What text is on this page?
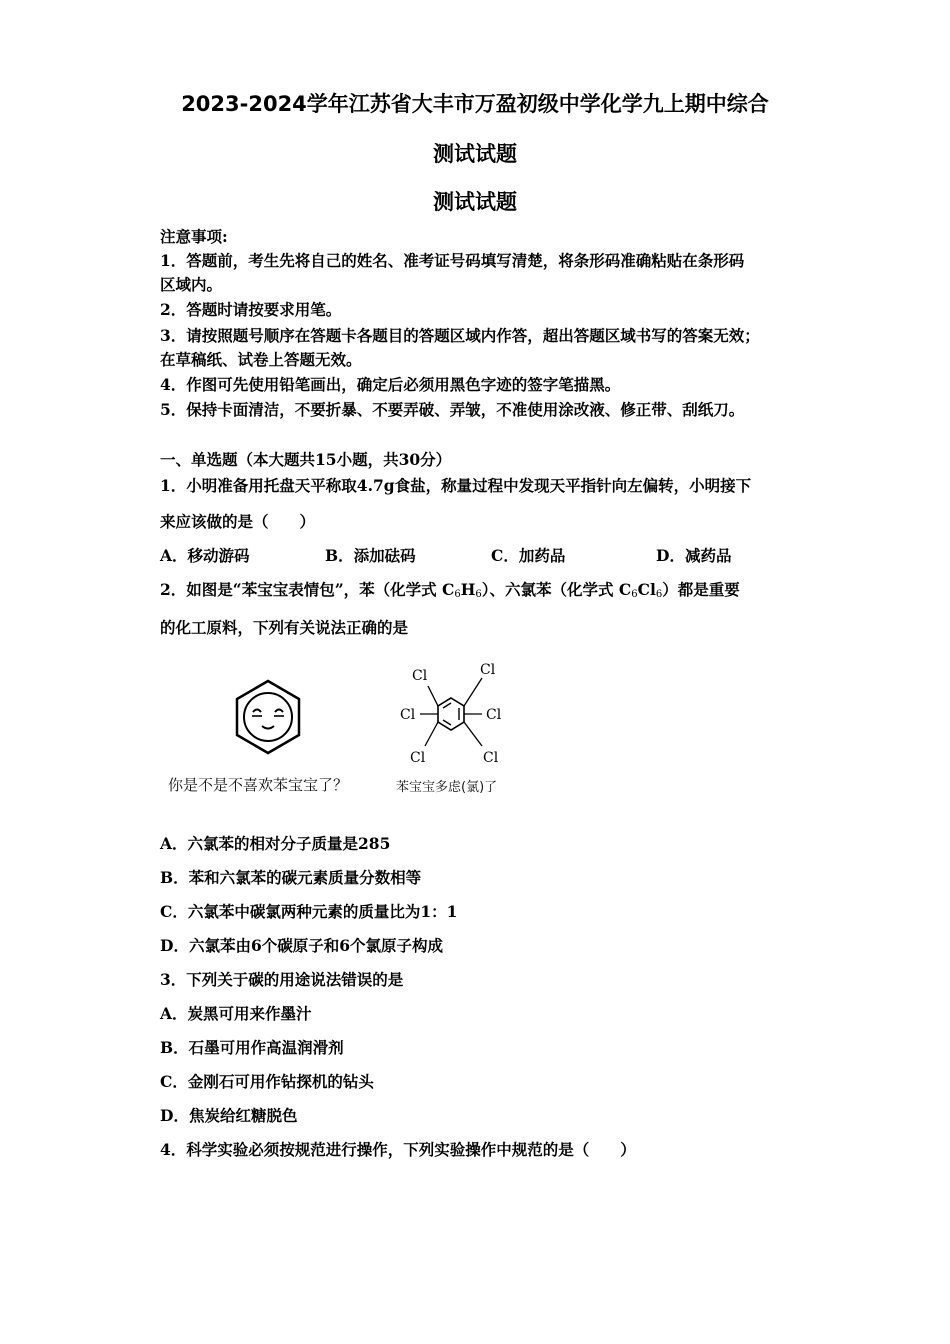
2023-2024学年江苏省大丰市万盈初级中学化学九上期中综合
测试试题
测试试题
注意事项:
1．答题前，考生先将自己的姓名、准考证号码填写清楚，将条形码准确粘贴在条形码
区域内。
2．答题时请按要求用笔。
3．请按照题号顺序在答题卡各题目的答题区域内作答，超出答题区域书写的答案无效；
在草稿纸、试卷上答题无效。
4．作图可先使用铅笔画出，确定后必须用黑色字迹的签字笔描黑。
5．保持卡面清洁，不要折暴、不要弄破、弄皱，不准使用涂改液、修正带、刮纸刀。
一、单选题（本大题共15小题，共30分）
1．小明准备用托盘天平称取4.7g食盐，称量过程中发现天平指针向左偏转，小明接下
来应该做的是（　　）
A．移动游码	B．添加砝码	C．加药品	D．减药品
2．如图是“苯宝宝表情包”，苯（化学式 $C_6H_6$）、六氯苯（化学式 $C_6Cl_6$）都是重要
的化工原料，下列有关说法正确的是
Cl	Cl
Cl	Cl
Cl	Cl
你是不是不喜欢苯宝宝了？	苯宝宝多虑(氯)了
A．六氯苯的相对分子质量是285
B．苯和六氯苯的碳元素质量分数相等
C．六氯苯中碳氯两种元素的质量比为1：1
D．六氯苯由6个碳原子和6个氯原子构成
3．下列关于碳的用途说法错误的是
A．炭黑可用来作墨汁
B．石墨可用作高温润滑剂
C．金刚石可用作钻探机的钻头
D．焦炭给红糖脱色
4．科学实验必须按规范进行操作，下列实验操作中规范的是（　　）
